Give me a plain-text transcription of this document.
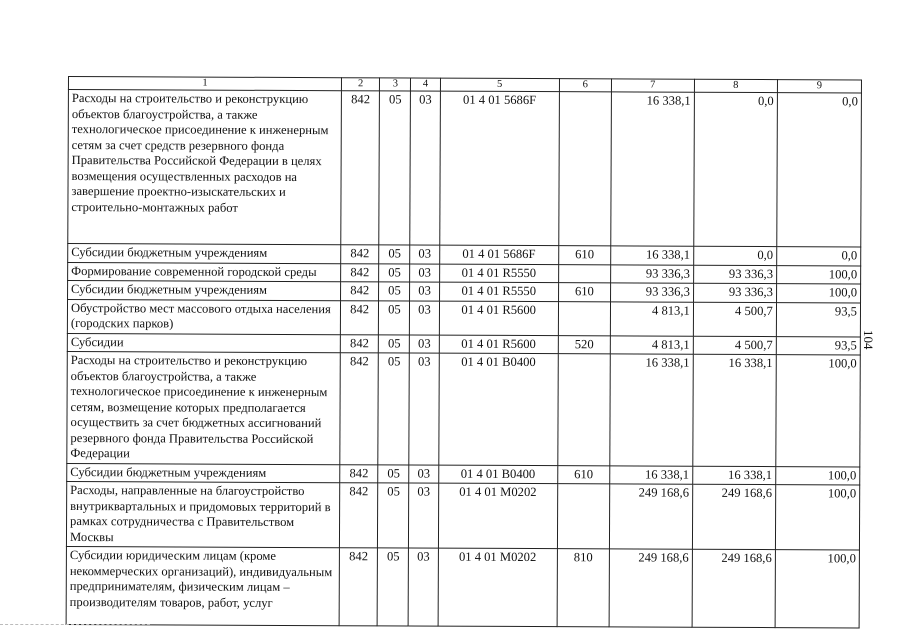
1	2	3	4	5	6	7	8	9
Расходы на строительство и реконструкцию объектов благоустройства, а также технологическое присоединение к инженерным сетям за счет средств резервного фонда Правительства Российской Федерации в целях возмещения осуществленных расходов на завершение проектно-изыскательских и строительно-монтажных работ	842	05	03	01 4 01 5686F		16 338,1	0,0	0,0
Субсидии бюджетным учреждениям	842	05	03	01 4 01 5686F	610	16 338,1	0,0	0,0
Формирование современной городской среды	842	05	03	01 4 01 R5550		93 336,3	93 336,3	100,0
Субсидии бюджетным учреждениям	842	05	03	01 4 01 R5550	610	93 336,3	93 336,3	100,0
Обустройство мест массового отдыха населения (городских парков)	842	05	03	01 4 01 R5600		4 813,1	4 500,7	93,5
Субсидии	842	05	03	01 4 01 R5600	520	4 813,1	4 500,7	93,5
Расходы на строительство и реконструкцию объектов благоустройства, а также технологическое присоединение к инженерным сетям, возмещение которых предполагается осуществить за счет бюджетных ассигнований резервного фонда Правительства Российской Федерации	842	05	03	01 4 01 B0400		16 338,1	16 338,1	100,0
Субсидии бюджетным учреждениям	842	05	03	01 4 01 B0400	610	16 338,1	16 338,1	100,0
Расходы, направленные на благоустройство внутриквартальных и придомовых территорий в рамках сотрудничества с Правительством Москвы	842	05	03	01 4 01 M0202		249 168,6	249 168,6	100,0
Субсидии юридическим лицам (кроме некоммерческих организаций), индивидуальным предпринимателям, физическим лицам – производителям товаров, работ, услуг	842	05	03	01 4 01 M0202	810	249 168,6	249 168,6	100,0
104
